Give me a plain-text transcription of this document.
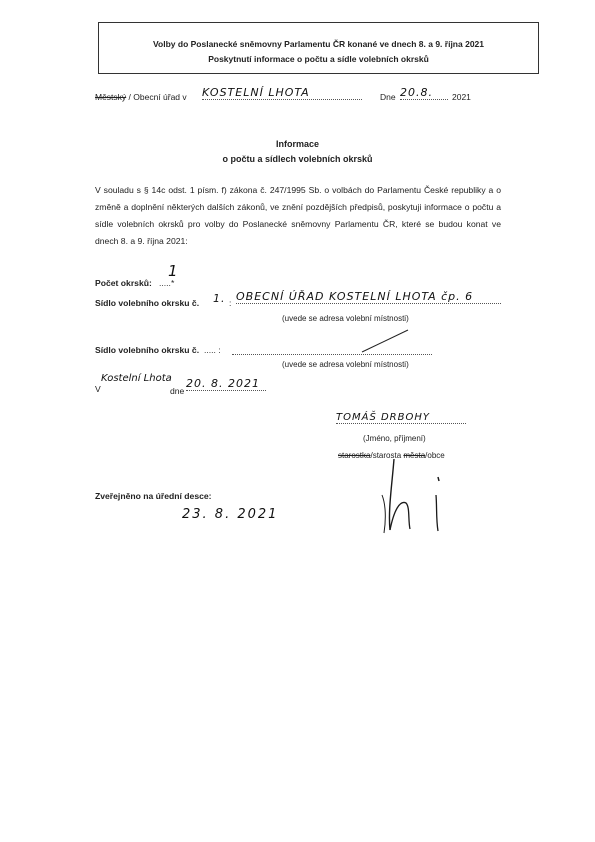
Volby do Poslanecké sněmovny Parlamentu ČR konané ve dnech 8. a 9. října 2021
Poskytnutí informace o počtu a sídle volebních okrsků
Městský / Obecní úřad v KOSTELNÍ LHOTA	Dne 20.8.	2021
Informace
o počtu a sídlech volebních okrsků
V souladu s § 14c odst. 1 písm. f) zákona č. 247/1995 Sb. o volbách do Parlamentu České republiky a o změně a doplnění některých dalších zákonů, ve znění pozdějších předpisů, poskytuji informace o počtu a sídle volebních okrsků pro volby do Poslanecké sněmovny Parlamentu ČR, které se budou konat ve dnech 8. a 9. října 2021:
Počet okrsků: .....*
1
Sídlo volebního okrsku č. 1. : OBECNÍ ÚŘAD KOSTELNÍ LHOTA čp. 6
(uvede se adresa volební místnosti)
Sídlo volebního okrsku č. ..... :
(uvede se adresa volební místnosti)
V
Kostelní Lhota
dne
20. 8. 2021
TOMÁŠ DRBOHY
(Jméno, příjmení)
starostka/starosta města/obce
Zveřejněno na úřední desce:
23. 8. 2021
